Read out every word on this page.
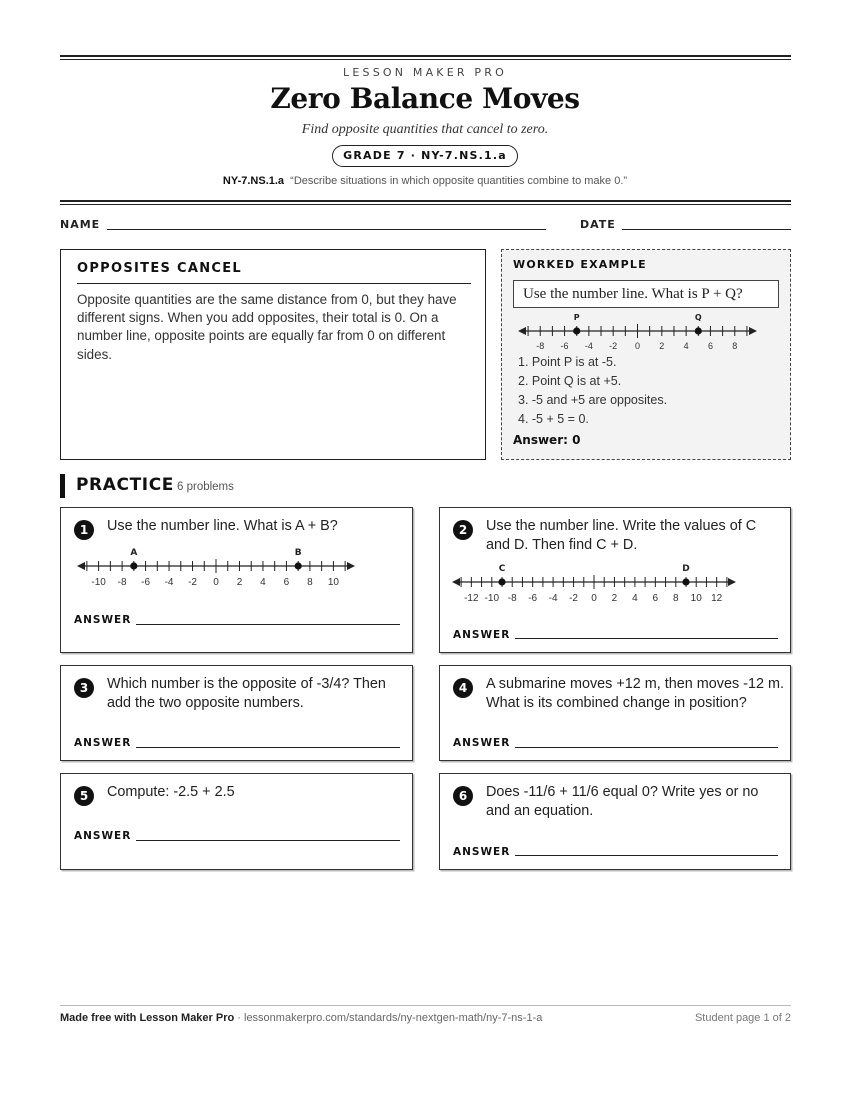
LESSON MAKER PRO
Zero Balance Moves
Find opposite quantities that cancel to zero.
GRADE 7 · NY-7.NS.1.a
NY-7.NS.1.a “Describe situations in which opposite quantities combine to make 0.”
NAME	DATE
OPPOSITES CANCEL
Opposite quantities are the same distance from 0, but they have different signs. When you add opposites, their total is 0. On a number line, opposite points are equally far from 0 on different sides.
WORKED EXAMPLE
Use the number line. What is P + Q?
-8 -6 -4 -2 0 2 4 6 8
P	Q
1. Point P is at -5.
2. Point Q is at +5.
3. -5 and +5 are opposites.
4. -5 + 5 = 0.
Answer: 0
PRACTICE 6 problems
1	Use the number line. What is A + B?
-10 -8 -6 -4 -2 0 2 4 6 8 10
A	B
ANSWER
2	Use the number line. Write the values of C and D. Then find C + D.
-12 -10 -8 -6 -4 -2 0 2 4 6 8 10 12
C	D
ANSWER
3	Which number is the opposite of -3/4? Then add the two opposite numbers.
ANSWER
4	A submarine moves +12 m, then moves -12 m. What is its combined change in position?
ANSWER
5	Compute: -2.5 + 2.5
ANSWER
6	Does -11/6 + 11/6 equal 0? Write yes or no and an equation.
ANSWER
Made free with Lesson Maker Pro · lessonmakerpro.com/standards/ny-nextgen-math/ny-7-ns-1-a	Student page 1 of 2
